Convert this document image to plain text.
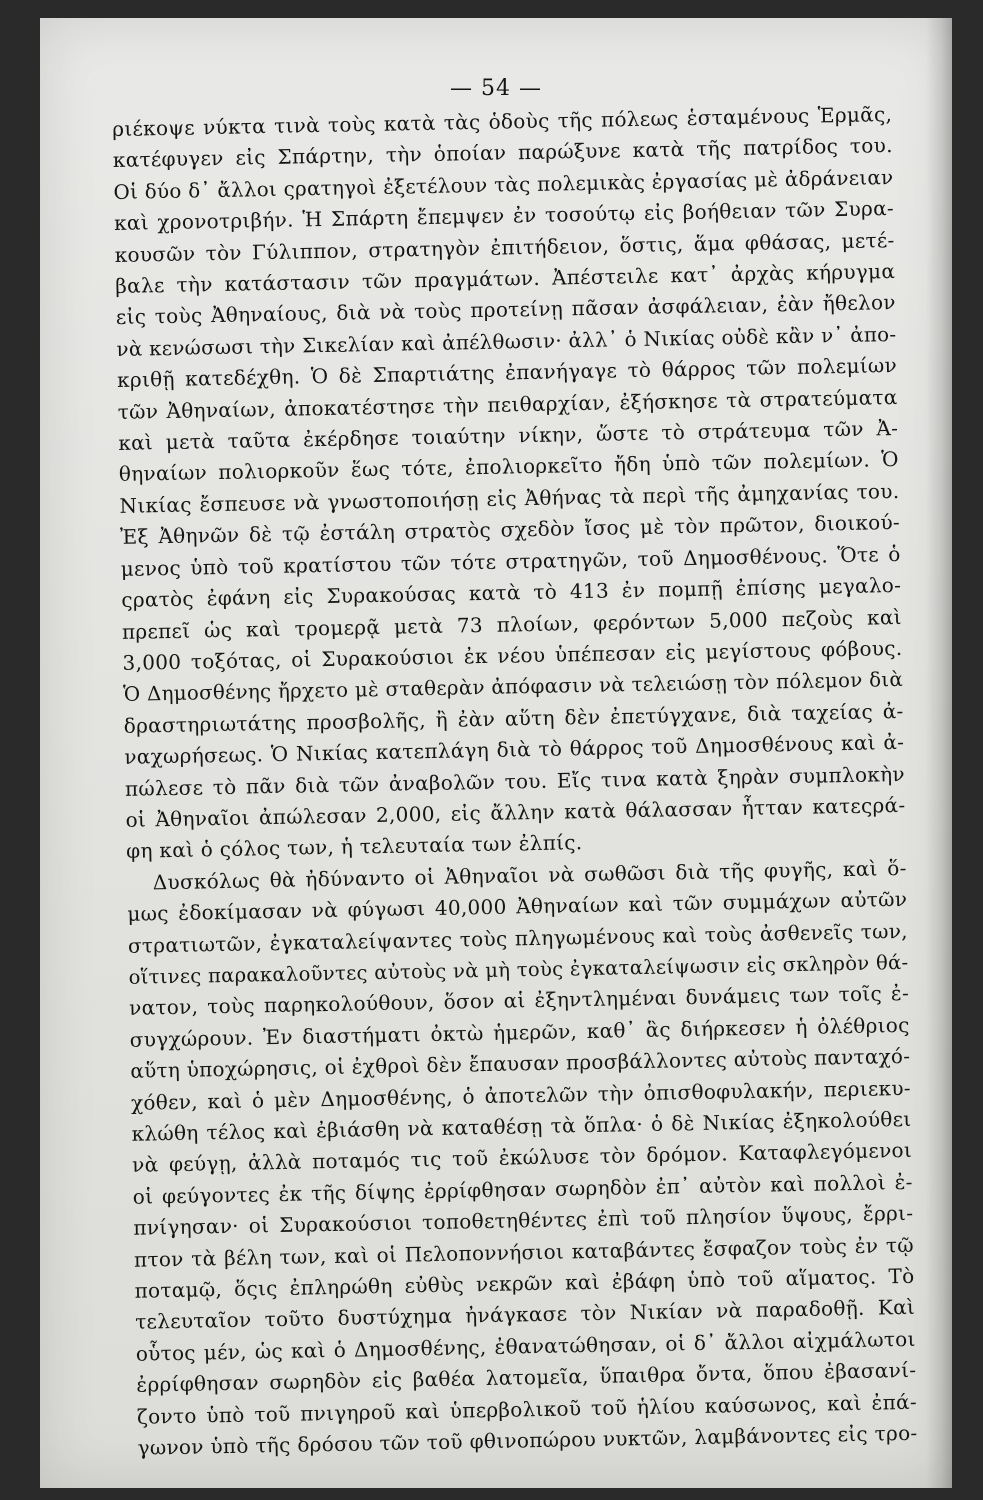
— 54 —
ριέκοψε νύκτα τινὰ τοὺς κατὰ τὰς ὁδοὺς τῆς πόλεως ἑσταμένους Ἑρμᾶς,
κατέφυγεν εἰς Σπάρτην, τὴν ὁποίαν παρώξυνε κατὰ τῆς πατρίδος του.
Οἱ δύο δ᾽ ἄλλοι ςρατηγοὶ ἐξετέλουν τὰς πολεμικὰς ἐργασίας μὲ ἀδράνειαν
καὶ χρονοτριβήν. Ἡ Σπάρτη ἔπεμψεν ἐν τοσούτῳ εἰς βοήθειαν τῶν Συρα-
κουσῶν τὸν Γύλιππον, στρατηγὸν ἐπιτήδειον, ὅστις, ἅμα φθάσας, μετέ-
βαλε τὴν κατάστασιν τῶν πραγμάτων. Ἀπέστειλε κατ᾽ ἀρχὰς κήρυγμα
εἰς τοὺς Ἀθηναίους, διὰ νὰ τοὺς προτείνῃ πᾶσαν ἀσφάλειαν, ἐὰν ἤθελον
νὰ κενώσωσι τὴν Σικελίαν καὶ ἀπέλθωσιν· ἀλλ᾽ ὁ Νικίας οὐδὲ κἂν ν᾽ ἀπο-
κριθῇ κατεδέχθη. Ὁ δὲ Σπαρτιάτης ἐπανήγαγε τὸ θάρρος τῶν πολεμίων
τῶν Ἀθηναίων, ἀποκατέστησε τὴν πειθαρχίαν, ἐξήσκησε τὰ στρατεύματα
καὶ μετὰ ταῦτα ἐκέρδησε τοιαύτην νίκην, ὥστε τὸ στράτευμα τῶν Ἀ-
θηναίων πολιορκοῦν ἕως τότε, ἐπολιορκεῖτο ἤδη ὑπὸ τῶν πολεμίων. Ὁ
Νικίας ἔσπευσε νὰ γνωστοποιήσῃ εἰς Ἀθήνας τὰ περὶ τῆς ἀμηχανίας του.
Ἐξ Ἀθηνῶν δὲ τῷ ἐστάλη στρατὸς σχεδὸν ἴσος μὲ τὸν πρῶτον, διοικού-
μενος ὑπὸ τοῦ κρατίστου τῶν τότε στρατηγῶν, τοῦ Δημοσθένους. Ὅτε ὁ
ςρατὸς ἐφάνη εἰς Συρακούσας κατὰ τὸ 413 ἐν πομπῇ ἐπίσης μεγαλο-
πρεπεῖ ὡς καὶ τρομερᾷ μετὰ 73 πλοίων, φερόντων 5,000 πεζοὺς καὶ
3,000 τοξότας, οἱ Συρακούσιοι ἐκ νέου ὑπέπεσαν εἰς μεγίστους φόβους.
Ὁ Δημοσθένης ἤρχετο μὲ σταθερὰν ἀπόφασιν νὰ τελειώσῃ τὸν πόλεμον διὰ
δραστηριωτάτης προσβολῆς, ἢ ἐὰν αὕτη δὲν ἐπετύγχανε, διὰ ταχείας ἀ-
ναχωρήσεως. Ὁ Νικίας κατεπλάγη διὰ τὸ θάρρος τοῦ Δημοσθένους καὶ ἀ-
πώλεσε τὸ πᾶν διὰ τῶν ἀναβολῶν του. Εἴς τινα κατὰ ξηρὰν συμπλοκὴν
οἱ Ἀθηναῖοι ἀπώλεσαν 2,000, εἰς ἄλλην κατὰ θάλασσαν ἧτταν κατεςρά-
φη καὶ ὁ ςόλος των, ἡ τελευταία των ἐλπίς.
Δυσκόλως θὰ ἠδύναντο οἱ Ἀθηναῖοι νὰ σωθῶσι διὰ τῆς φυγῆς, καὶ ὅ-
μως ἐδοκίμασαν νὰ φύγωσι 40,000 Ἀθηναίων καὶ τῶν συμμάχων αὐτῶν
στρατιωτῶν, ἐγκαταλείψαντες τοὺς πληγωμένους καὶ τοὺς ἀσθενεῖς των,
οἵτινες παρακαλοῦντες αὐτοὺς νὰ μὴ τοὺς ἐγκαταλείψωσιν εἰς σκληρὸν θά-
νατον, τοὺς παρηκολούθουν, ὅσον αἱ ἐξηντλημέναι δυνάμεις των τοῖς ἐ-
συγχώρουν. Ἐν διαστήματι ὀκτὼ ἡμερῶν, καθ᾽ ἃς διήρκεσεν ἡ ὀλέθριος
αὕτη ὑποχώρησις, οἱ ἐχθροὶ δὲν ἔπαυσαν προσβάλλοντες αὐτοὺς πανταχό-
χόθεν, καὶ ὁ μὲν Δημοσθένης, ὁ ἀποτελῶν τὴν ὀπισθοφυλακήν, περιεκυ-
κλώθη τέλος καὶ ἐβιάσθη νὰ καταθέσῃ τὰ ὅπλα· ὁ δὲ Νικίας ἐξηκολούθει
νὰ φεύγῃ, ἀλλὰ ποταμός τις τοῦ ἐκώλυσε τὸν δρόμον. Καταφλεγόμενοι
οἱ φεύγοντες ἐκ τῆς δίψης ἐρρίφθησαν σωρηδὸν ἐπ᾽ αὐτὸν καὶ πολλοὶ ἐ-
πνίγησαν· οἱ Συρακούσιοι τοποθετηθέντες ἐπὶ τοῦ πλησίον ὕψους, ἔρρι-
πτον τὰ βέλη των, καὶ οἱ Πελοποννήσιοι καταβάντες ἔσφαζον τοὺς ἐν τῷ
ποταμῷ, ὅςις ἐπληρώθη εὐθὺς νεκρῶν καὶ ἐβάφη ὑπὸ τοῦ αἵματος. Τὸ
τελευταῖον τοῦτο δυστύχημα ἠνάγκασε τὸν Νικίαν νὰ παραδοθῇ. Καὶ
οὗτος μέν, ὡς καὶ ὁ Δημοσθένης, ἐθανατώθησαν, οἱ δ᾽ ἄλλοι αἰχμάλωτοι
ἐρρίφθησαν σωρηδὸν εἰς βαθέα λατομεῖα, ὕπαιθρα ὄντα, ὅπου ἐβασανί-
ζοντο ὑπὸ τοῦ πνιγηροῦ καὶ ὑπερβολικοῦ τοῦ ἡλίου καύσωνος, καὶ ἐπά-
γωνον ὑπὸ τῆς δρόσου τῶν τοῦ φθινοπώρου νυκτῶν, λαμβάνοντες εἰς τρο-
